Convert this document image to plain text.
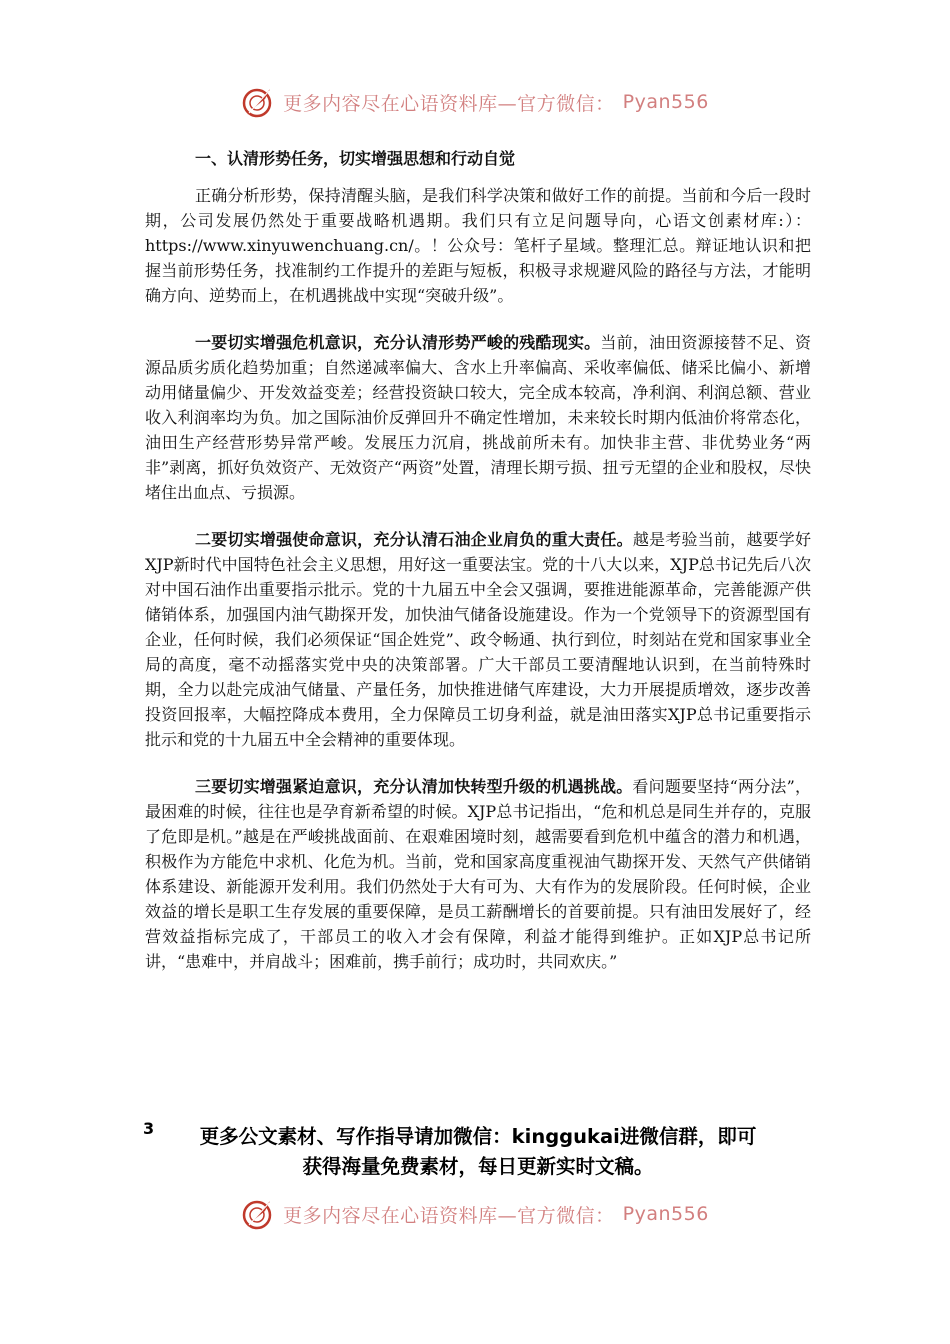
更多内容尽在心语资料库—官方微信： Pyan556

一、认清形势任务，切实增强思想和行动自觉

正确分析形势，保持清醒头脑，是我们科学决策和做好工作的前提。当前和今后一段时期，公司发展仍然处于重要战略机遇期。我们只有立足问题导向，心语文创素材库:）：https://www.xinyuwenchuang.cn/。！公众号：笔杆子星域。整理汇总。辩证地认识和把握当前形势任务，找准制约工作提升的差距与短板，积极寻求规避风险的路径与方法，才能明确方向、逆势而上，在机遇挑战中实现“突破升级”。

一要切实增强危机意识，充分认清形势严峻的残酷现实。当前，油田资源接替不足、资源品质劣质化趋势加重；自然递减率偏大、含水上升率偏高、采收率偏低、储采比偏小、新增动用储量偏少、开发效益变差；经营投资缺口较大，完全成本较高，净利润、利润总额、营业收入利润率均为负。加之国际油价反弹回升不确定性增加，未来较长时期内低油价将常态化，油田生产经营形势异常严峻。发展压力沉肩，挑战前所未有。加快非主营、非优势业务“两非”剥离，抓好负效资产、无效资产“两资”处置，清理长期亏损、扭亏无望的企业和股权，尽快堵住出血点、亏损源。

二要切实增强使命意识，充分认清石油企业肩负的重大责任。越是考验当前，越要学好XJP新时代中国特色社会主义思想，用好这一重要法宝。党的十八大以来，XJP总书记先后八次对中国石油作出重要指示批示。党的十九届五中全会又强调，要推进能源革命，完善能源产供储销体系，加强国内油气勘探开发，加快油气储备设施建设。作为一个党领导下的资源型国有企业，任何时候，我们必须保证“国企姓党”、政令畅通、执行到位，时刻站在党和国家事业全局的高度，毫不动摇落实党中央的决策部署。广大干部员工要清醒地认识到，在当前特殊时期，全力以赴完成油气储量、产量任务，加快推进储气库建设，大力开展提质增效，逐步改善投资回报率，大幅控降成本费用，全力保障员工切身利益，就是油田落实XJP总书记重要指示批示和党的十九届五中全会精神的重要体现。

三要切实增强紧迫意识，充分认清加快转型升级的机遇挑战。看问题要坚持“两分法”，最困难的时候，往往也是孕育新希望的时候。XJP总书记指出，“危和机总是同生并存的，克服了危即是机。”越是在严峻挑战面前、在艰难困境时刻，越需要看到危机中蕴含的潜力和机遇，积极作为方能危中求机、化危为机。当前，党和国家高度重视油气勘探开发、天然气产供储销体系建设、新能源开发利用。我们仍然处于大有可为、大有作为的发展阶段。任何时候，企业效益的增长是职工生存发展的重要保障，是员工薪酬增长的首要前提。只有油田发展好了，经营效益指标完成了，干部员工的收入才会有保障，利益才能得到维护。正如XJP总书记所讲，“患难中，并肩战斗；困难前，携手前行；成功时，共同欢庆。”

3	更多公文素材、写作指导请加微信：kinggukai进微信群，即可
获得海量免费素材，每日更新实时文稿。
更多内容尽在心语资料库—官方微信： Pyan556
